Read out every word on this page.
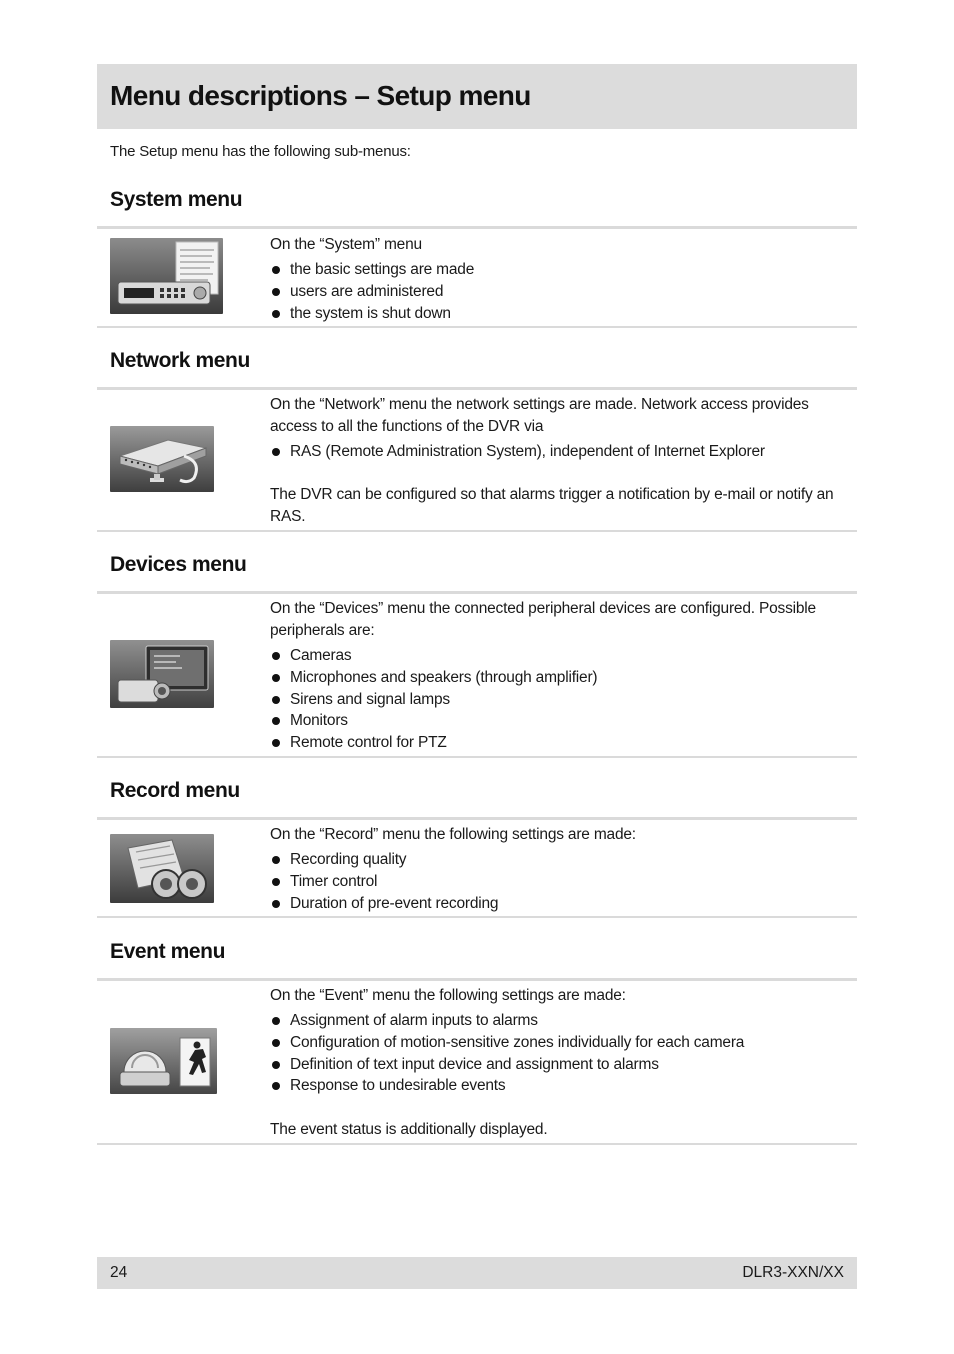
Menu descriptions – Setup menu
The Setup menu has the following sub-menus:
System menu

On the “System” menu

the basic settings are made
users are administered
the system is shut down
Network menu

On the “Network” menu the network settings are made. Network access provides access to all the functions of the DVR via

RAS (Remote Administration System), independent of Internet Explorer

The DVR can be configured so that alarms trigger a notification by e-mail or notify an RAS.

Devices menu

On the “Devices” menu the connected peripheral devices are configured. Possible peripherals are:

Cameras
Microphones and speakers (through amplifier)
Sirens and signal lamps
Monitors
Remote control for PTZ
Record menu

On the “Record” menu the following settings are made:

Recording quality
Timer control
Duration of pre-event recording
Event menu

On the “Event” menu the following settings are made:

Assignment of alarm inputs to alarms
Configuration of motion-sensitive zones individually for each camera
Definition of text input device and assignment to alarms
Response to undesirable events

The event status is additionally displayed.

24	DLR3-XXN/XX
